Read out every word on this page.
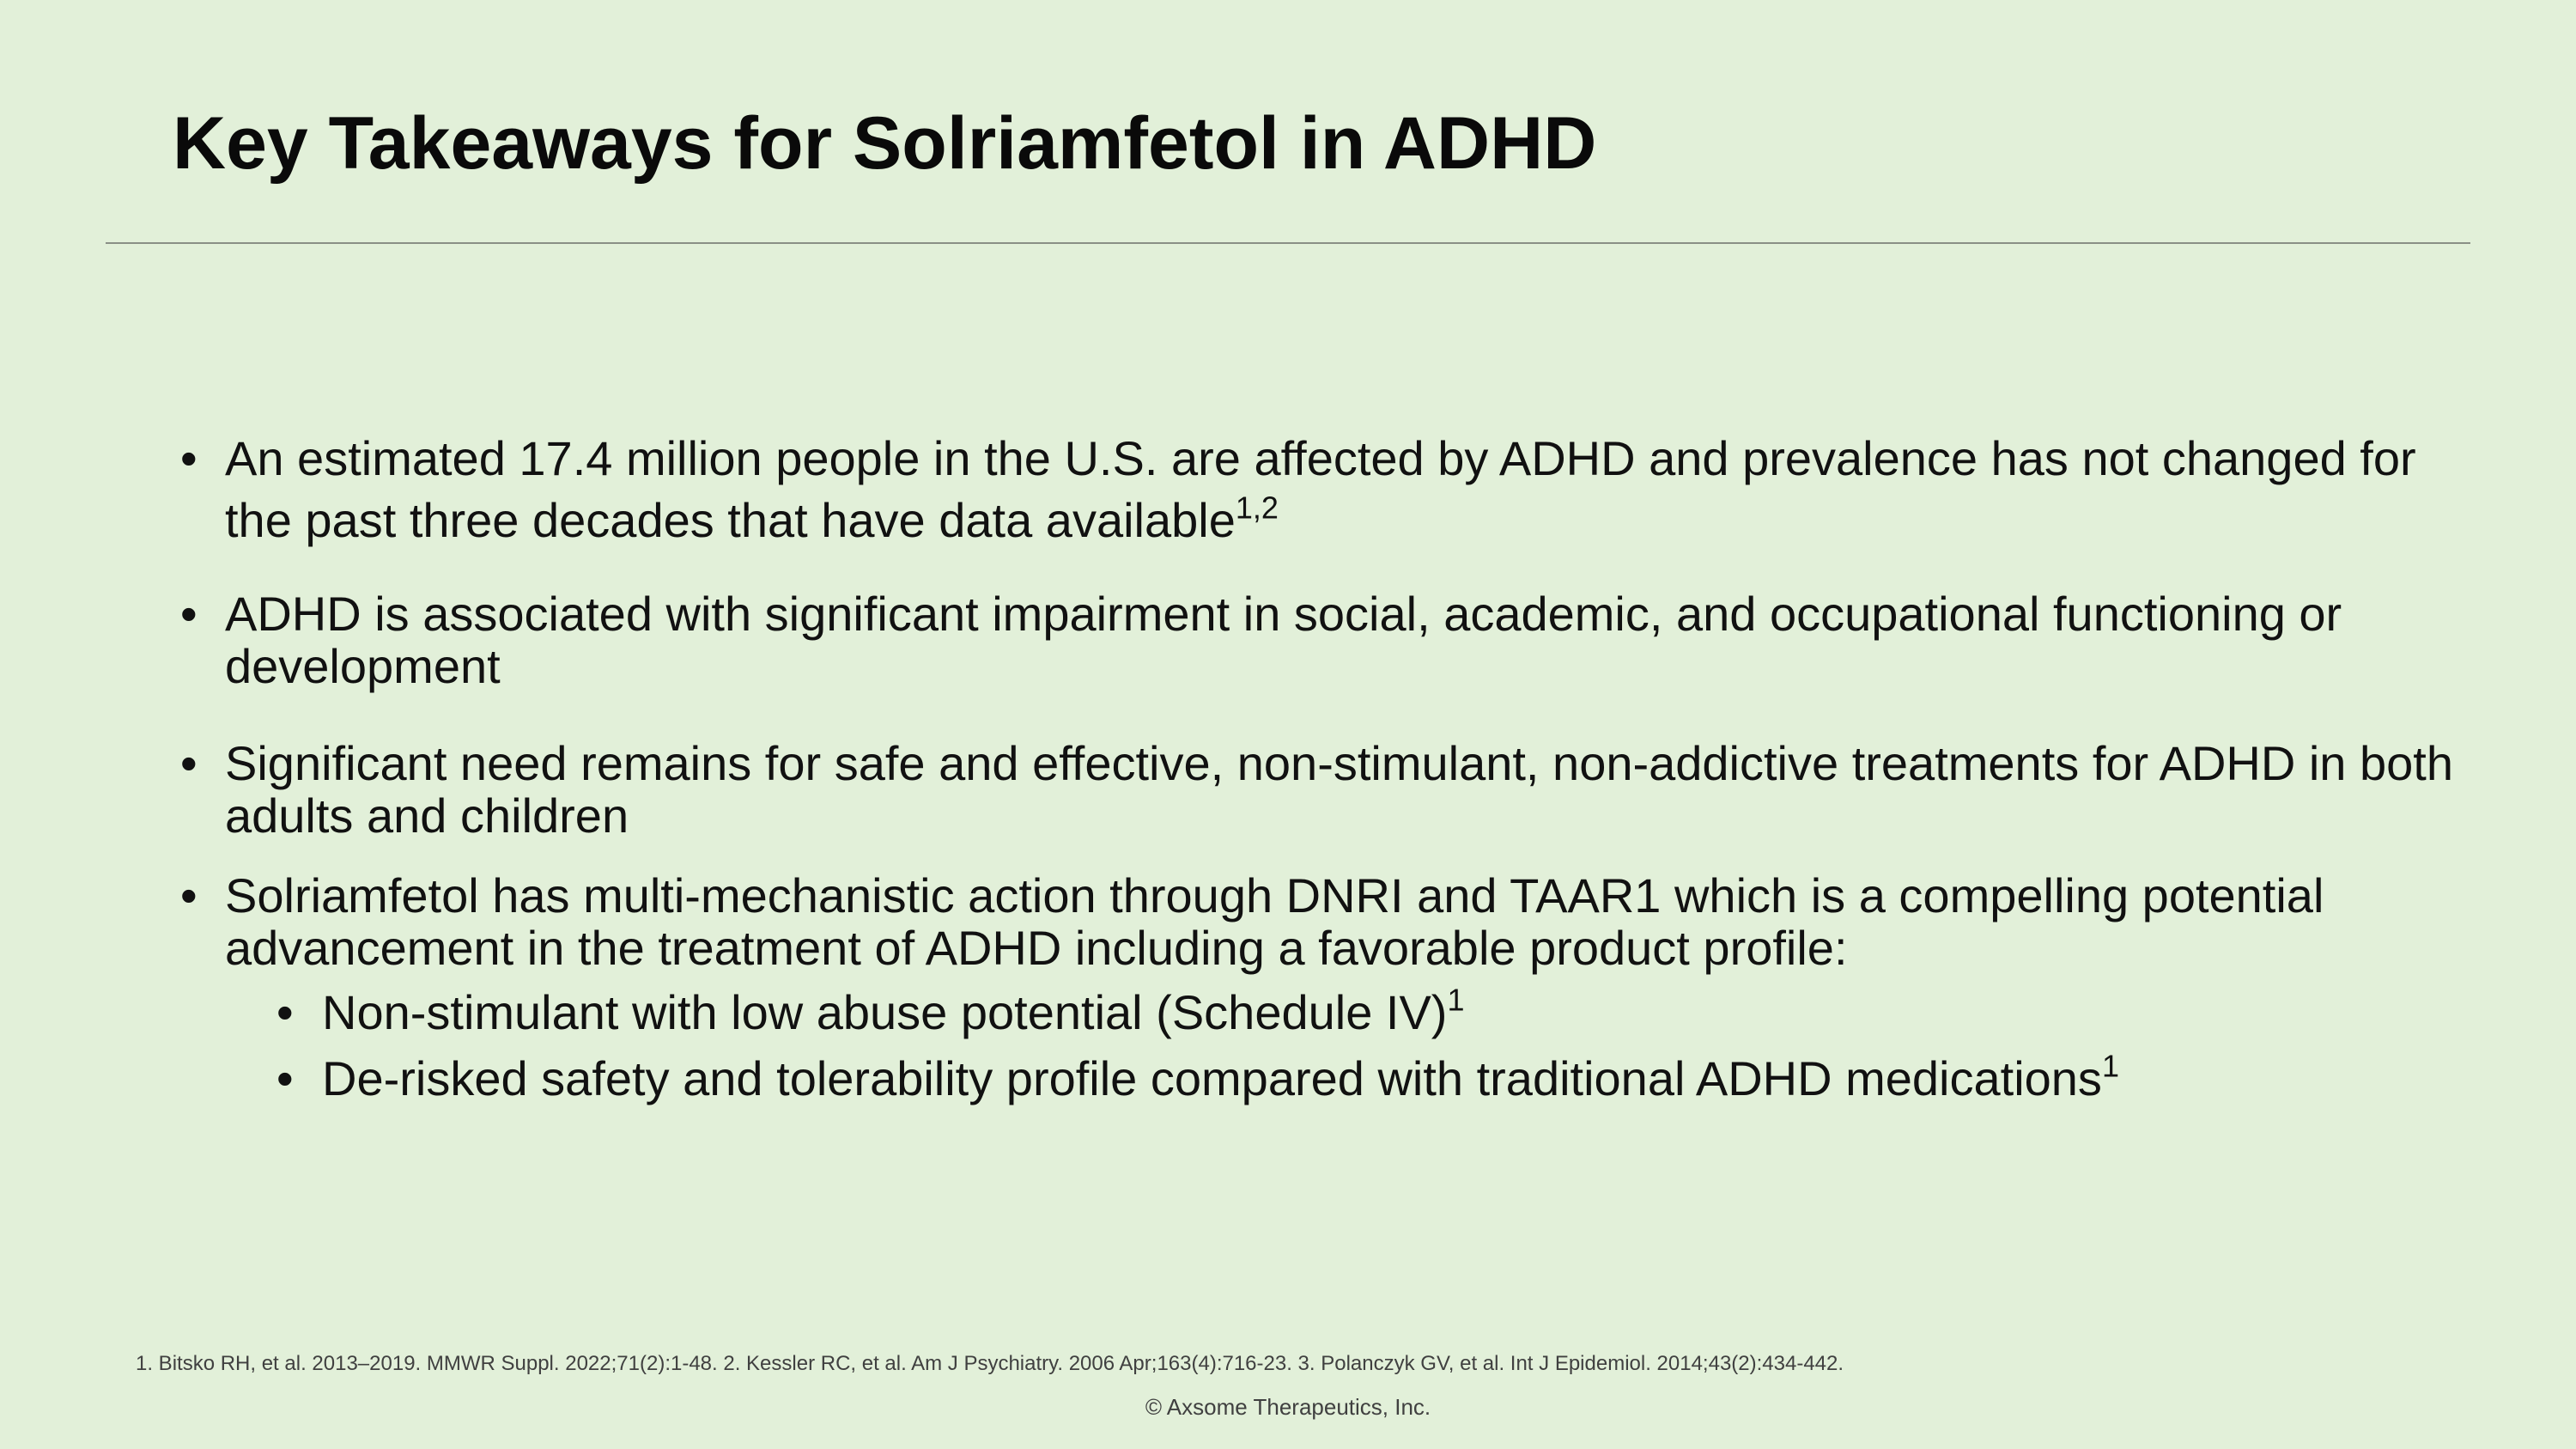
Key Takeaways for Solriamfetol in ADHD
• An estimated 17.4 million people in the U.S. are affected by ADHD and prevalence has not changed for the past three decades that have data available$^{1,2}$
• ADHD is associated with significant impairment in social, academic, and occupational functioning or development
• Significant need remains for safe and effective, non-stimulant, non-addictive treatments for ADHD in both adults and children
• Solriamfetol has multi-mechanistic action through DNRI and TAAR1 which is a compelling potential advancement in the treatment of ADHD including a favorable product profile:
• Non-stimulant with low abuse potential (Schedule IV)$^1$
• De-risked safety and tolerability profile compared with traditional ADHD medications$^1$

1. Bitsko RH, et al. 2013–2019. MMWR Suppl. 2022;71(2):1-48. 2. Kessler RC, et al. Am J Psychiatry. 2006 Apr;163(4):716-23. 3. Polanczyk GV, et al. Int J Epidemiol. 2014;43(2):434-442.

© Axsome Therapeutics, Inc.
